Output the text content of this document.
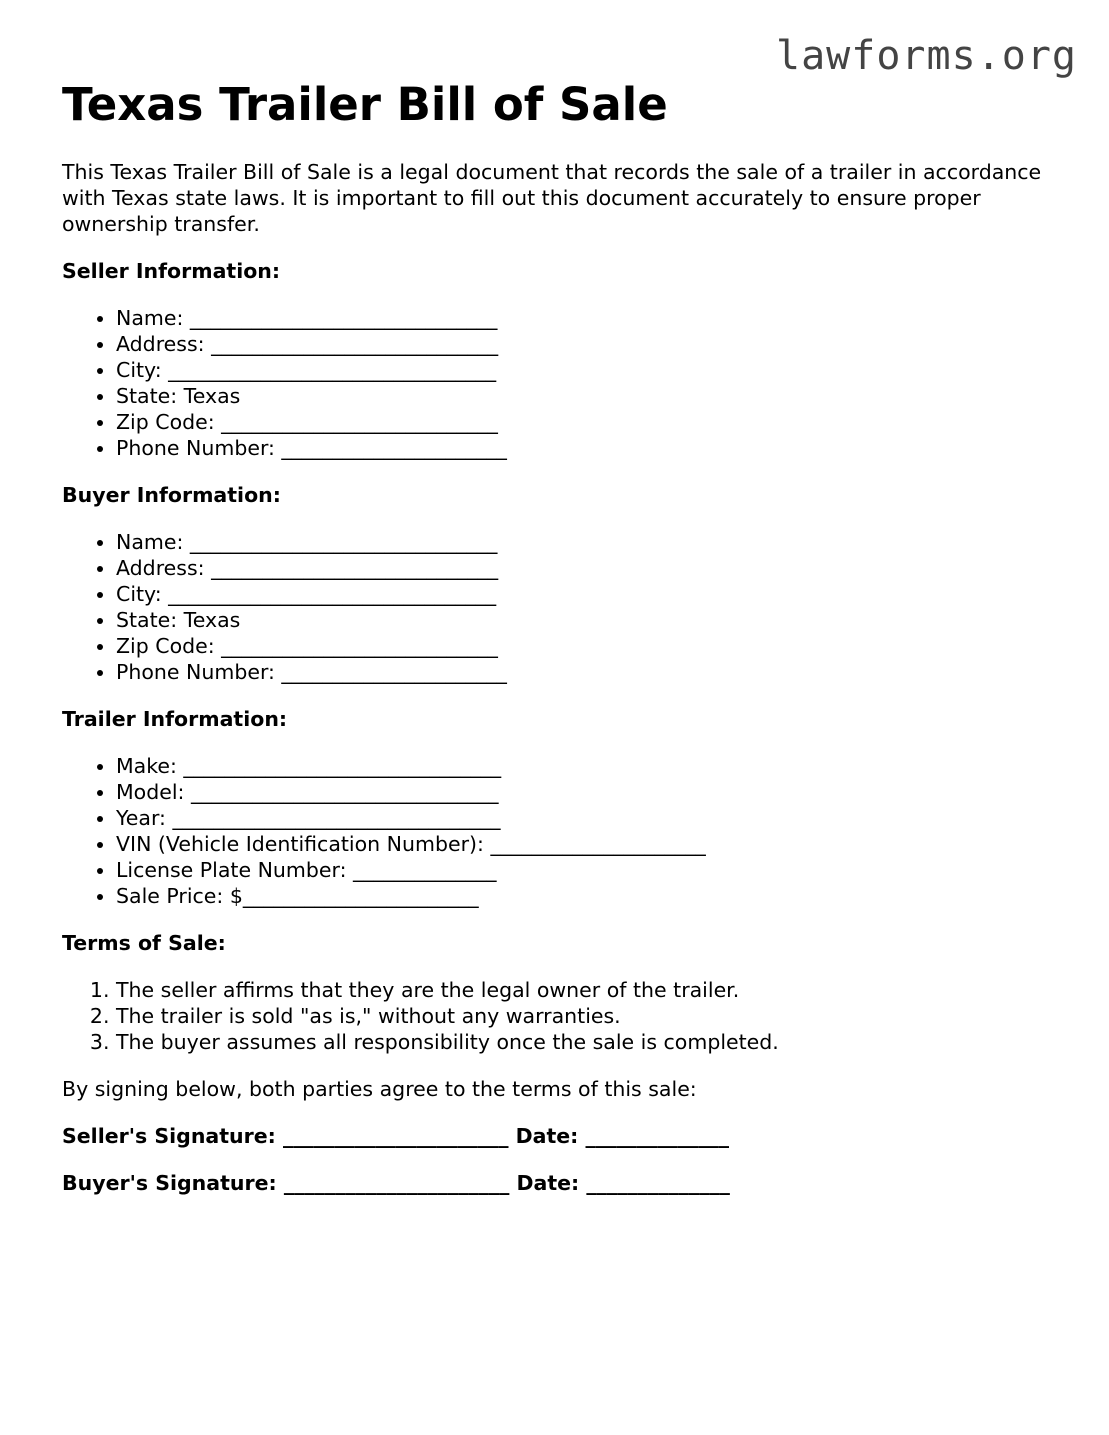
lawforms.org
Texas Trailer Bill of Sale

This Texas Trailer Bill of Sale is a legal document that records the sale of a trailer in accordance with Texas state laws. It is important to fill out this document accurately to ensure proper ownership transfer.

Seller Information:

• Name: ______________________________
• Address: ____________________________
• City: ________________________________
• State: Texas
• Zip Code: ___________________________
• Phone Number: ______________________

Buyer Information:

• Name: ______________________________
• Address: ____________________________
• City: ________________________________
• State: Texas
• Zip Code: ___________________________
• Phone Number: ______________________

Trailer Information:

• Make: _______________________________
• Model: ______________________________
• Year: ________________________________
• VIN (Vehicle Identification Number): _____________________
• License Plate Number: ______________
• Sale Price: $_______________________

Terms of Sale:

1. The seller affirms that they are the legal owner of the trailer.
2. The trailer is sold "as is," without any warranties.
3. The buyer assumes all responsibility once the sale is completed.

By signing below, both parties agree to the terms of this sale:

Seller's Signature: ______________________ Date: ______________

Buyer's Signature: ______________________ Date: ______________
